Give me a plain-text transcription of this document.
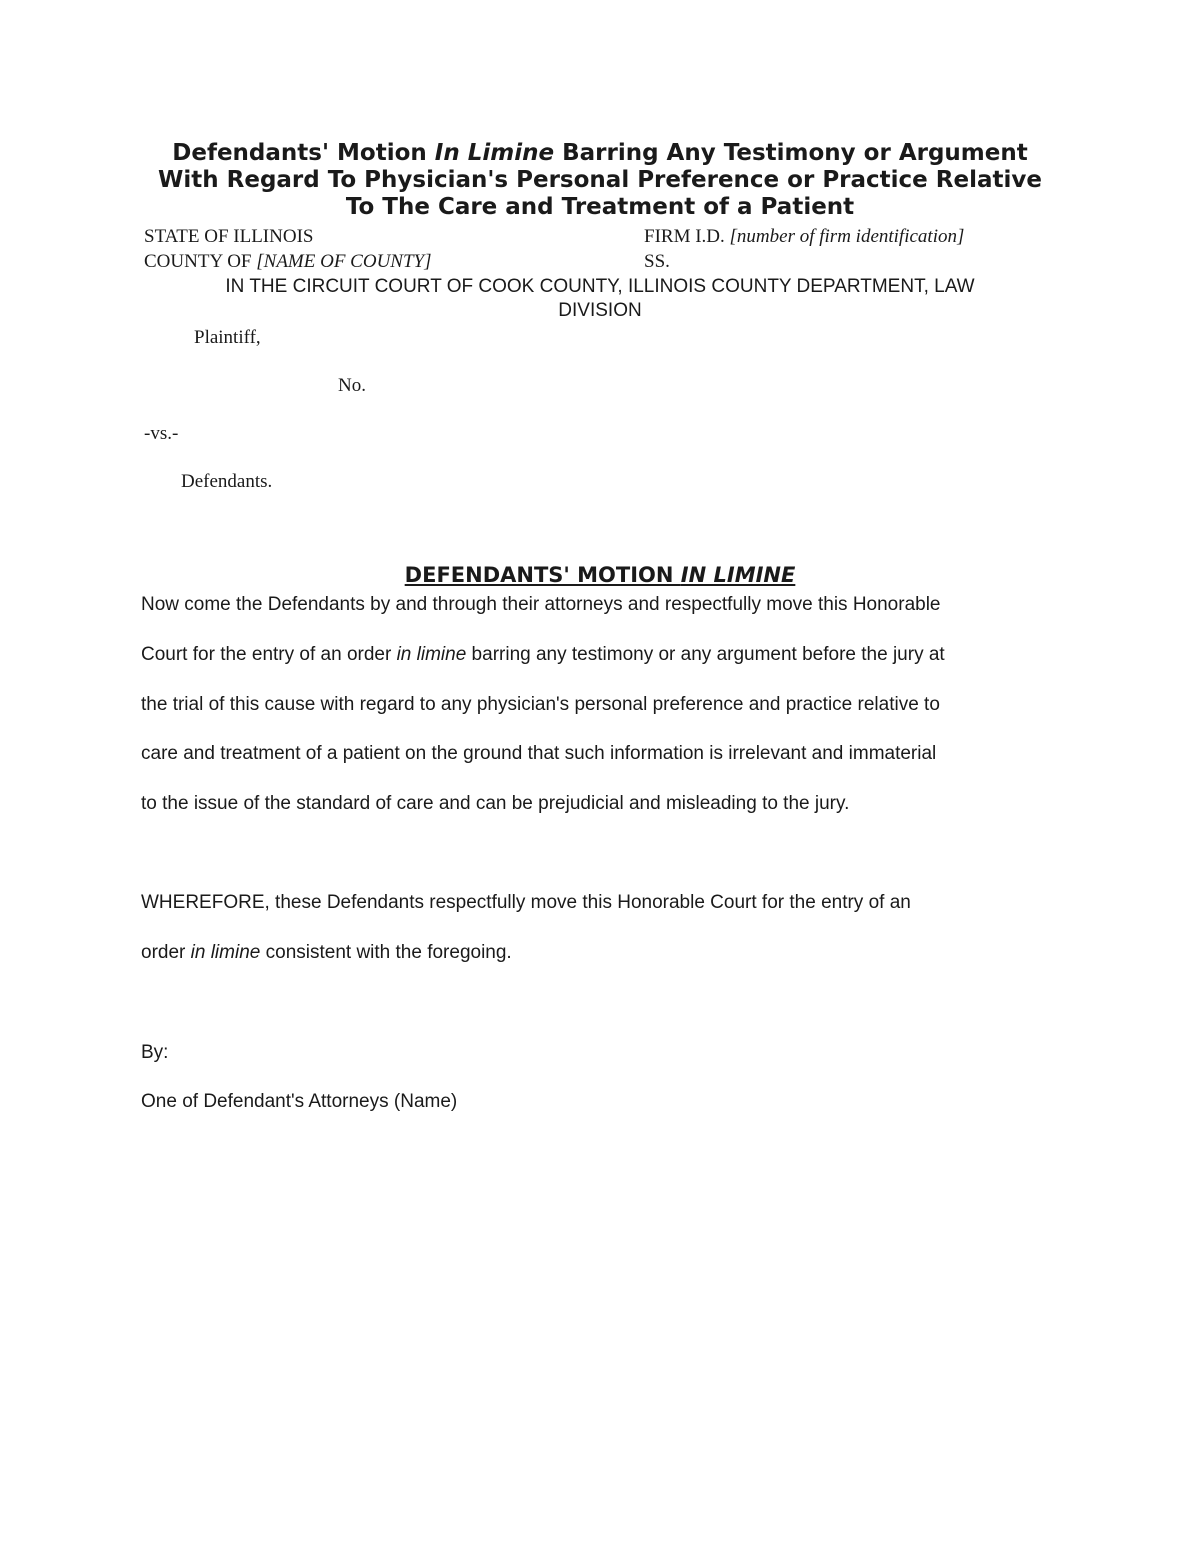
Defendants' Motion In Limine Barring Any Testimony or Argument
With Regard To Physician's Personal Preference or Practice Relative
To The Care and Treatment of a Patient
STATE OF ILLINOIS	FIRM I.D. [number of firm identification]
COUNTY OF [NAME OF COUNTY]	SS.
IN THE CIRCUIT COURT OF COOK COUNTY, ILLINOIS COUNTY DEPARTMENT, LAW
DIVISION
Plaintiff,
No.
-vs.-
Defendants.
DEFENDANTS' MOTION IN LIMINE
Now come the Defendants by and through their attorneys and respectfully move this Honorable
Court for the entry of an order in limine barring any testimony or any argument before the jury at
the trial of this cause with regard to any physician's personal preference and practice relative to
care and treatment of a patient on the ground that such information is irrelevant and immaterial
to the issue of the standard of care and can be prejudicial and misleading to the jury.
WHEREFORE, these Defendants respectfully move this Honorable Court for the entry of an
order in limine consistent with the foregoing.
By:
One of Defendant's Attorneys (Name)
